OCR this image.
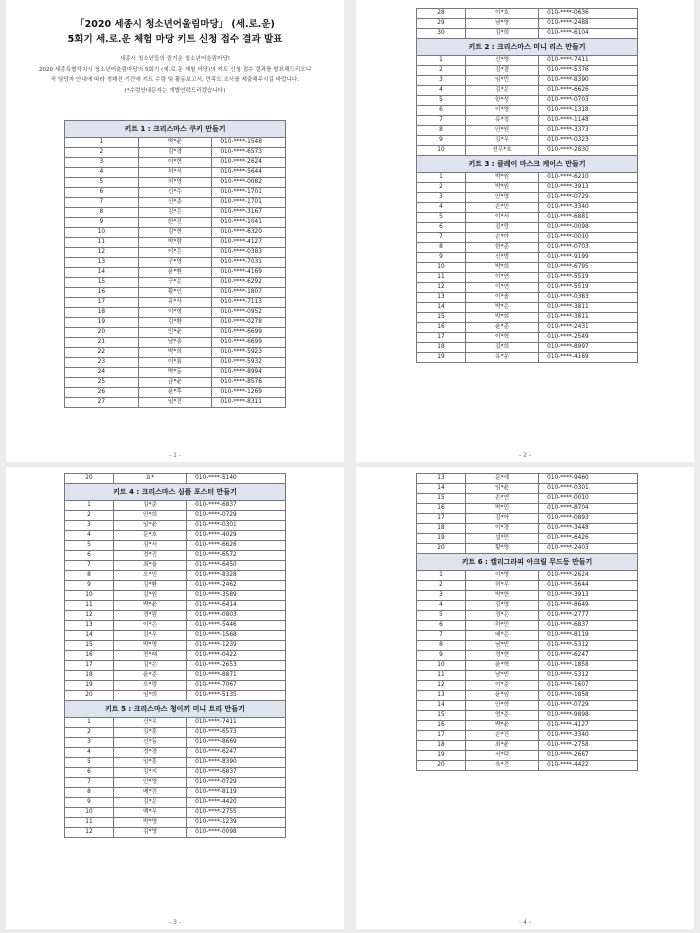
「2020 세종시 청소년어울림마당」 (세.로.운)
5회기 세.로.운 체험 마당 키트 신청 접수 결과 발표
세종시 청소년들의 즐거운 청소년어울림마당!
2020 세종특별자치시 청소년어울림마당의 5회기 (세.로.운 체험 마당)의 키트 신청 접수 결과를 발표해드리오니
꼭 담당자 안내에 따라 정해진 기간에 키트 수령 및 활동보고서, 만족도 조사를 제출해주시길 바랍니다.
(*수령안내문자는 개별연락드리겠습니다)
키트 1 : 크리스마스 쿠키 만들기		
1	박*윤	010-****-1548
2	김*경	010-****-6573
3	이*현	010-****-2624
4	허*서	010-****-5644
5	허*영	010-****-0082
6	신*수	010-****-1701
7	신*준	010-****-1701
8	김*은	010-****-3167
9	한*진	010-****-1041
10	김*현	010-****-6320
11	박*람	010-****-4127
12	이*은	010-****-0383
13	구*영	010-****-7031
14	윤*환	010-****-4169
15	구*은	010-****-6292
16	황*인	010-****-1807
17	유*서	010-****-7113
18	이*형	010-****-0952
19	김*환	010-****-0278
20	민*윤	010-****-6699
21	남*송	010-****-6699
22	박*희	010-****-5923
23	이*름	010-****-5932
24	박*동	010-****-8994
25	금*윤	010-****-8576
26	윤*후	010-****-1269
27	임*진	010-****-8311
- 1 -
28	이*호	010-****-0636
29	남*영	010-****-2488
30	김*희	010-****-6104
키트 2 : 크리스마스 미니 리스 만들기		
1	신*영	010-****-7411
2	김*결	010-****-5376
3	임*민	010-****-8390
4	김*은	010-****-6626
5	한*성	010-****-0703
6	이*영	010-****-1318
7	유*정	010-****-1148
8	안*원	010-****-3373
9	김*우	010-****-0323
10	선우*호	010-****-2830
키트 3 : 클레이 마스크 케이스 만들기		
1	박*원	010-****-6210
2	박*원	010-****-3913
3	안*영	010-****-0729
4	손*민	010-****-3340
5	이*서	010-****-6881
6	김*랑	010-****-0098
7	손*아	010-****-0010
8	한*준	010-****-0703
9	신*범	010-****-9199
10	박*희	010-****-6795
11	이*연	010-****-5519
12	이*연	010-****-5519
13	이*솔	010-****-0383
14	박*은	010-****-3811
15	박*희	010-****-3811
16	윤*준	010-****-2431
17	이*혁	010-****-2549
18	김*희	010-****-8997
19	유*운	010-****-4169
- 2 -
20	효*	010-****-5140
키트 4 : 크리스마스 심플 포스터 만들기		
1	김*준	010-****-6837
2	안*희	010-****-0729
3	임*윤	010-****-0301
4	문*호	010-****-4029
5	김*서	010-****-6626
6	정*진	010-****-6572
7	최*율	010-****-6450
8	오*인	010-****-8328
9	김*환	010-****-2462
10	김*원	010-****-3589
11	박*윤	010-****-6414
12	경*림	010-****-0803
13	이*은	010-****-5446
14	김*우	010-****-1568
15	박*명	010-****-1239
16	전*래	010-****-0422
17	김*은	010-****-2653
18	윤*준	010-****-8871
19	오*령	010-****-7067
20	임*희	010-****-5135
키트 5 : 크리스마스 청이끼 미니 트리 만들기		
1	신*우	010-****-7411
2	김*훈	010-****-6573
3	신*동	010-****-8669
4	정*경	010-****-6247
5	임*훈	010-****-8390
6	김*지	010-****-6837
7	안*영	010-****-0729
8	배*진	010-****-8119
9	김*은	010-****-4420
10	백*우	010-****-2755
11	박*명	010-****-1239
12	김*영	010-****-0098
- 3 -
13	문*예	010-****-9460
14	임*윤	010-****-0301
15	손*연	010-****-0010
16	박*민	010-****-8704
17	김*아	010-****-0893
18	이*경	010-****-3448
19	설*민	010-****-6426
20	황*영	010-****-2403
키트 6 : 캘리그라피 아크릴 무드등 만들기		
1	이*영	010-****-2624
2	허*우	010-****-5644
3	박*현	010-****-3913
4	김*영	010-****-8649
5	정*은	010-****-2777
6	하*민	010-****-6837
7	배*은	010-****-8119
8	남*빈	010-****-5312
9	정*현	010-****-6247
10	윤*혁	010-****-1858
11	남*빈	010-****-5312
12	이*준	010-****-1607
13	윤*임	010-****-1858
14	안*혁	010-****-0729
15	엄*준	010-****-9898
16	박*윤	010-****-4127
17	손*진	010-****-3340
18	최*윤	010-****-2758
19	서*덕	010-****-2667
20	육*진	010-****-4422
- 4 -
